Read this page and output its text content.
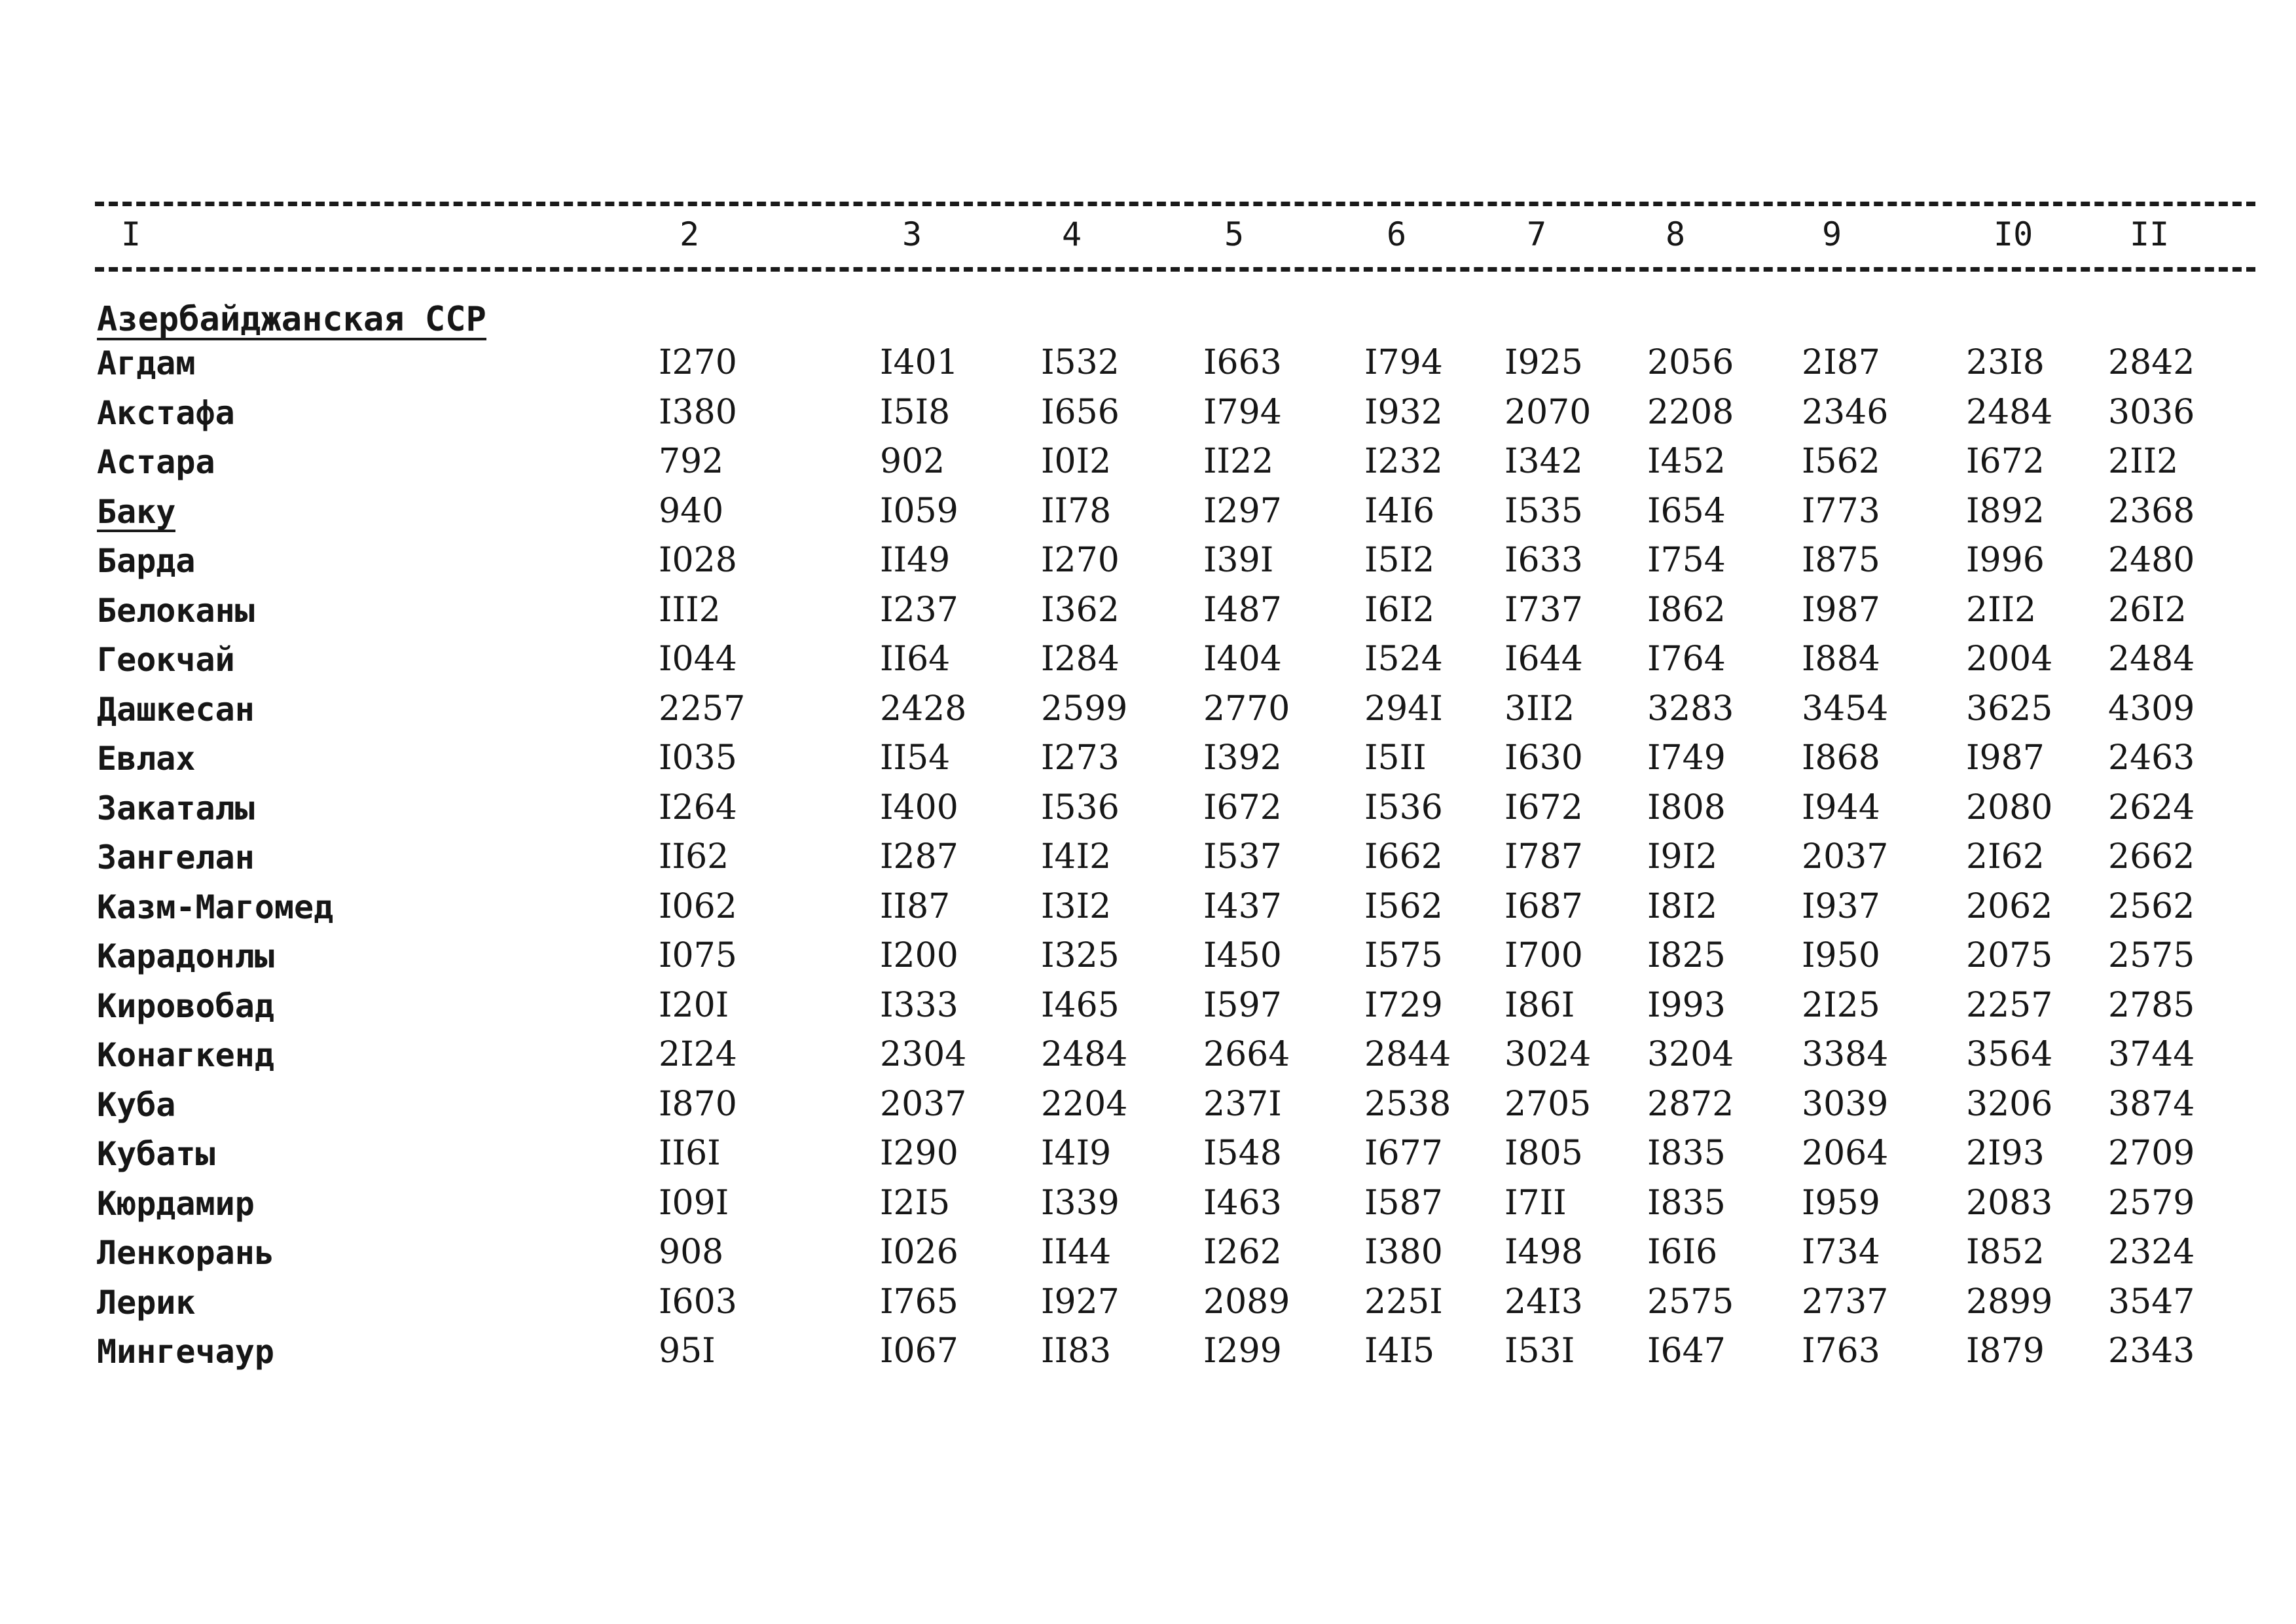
I	2	3	4	5	6	7	8	9	I0	II
Азербайджанская ССР
Агдам	I270	I401 I532 I663 I794 I925 2056 2I87	23I8 2842
Акстафа	I380	I5I8	I656 I794 I932 2070 2208 2346 2484 3036
Астара	792	902	I0I2	II22	I232 I342 I452 I562	I672 2II2
Баку	940	I059 II78	I297 I4I6 I535 I654 I773	I892 2368
Барда	I028	II49	I270 I39I	I5I2 I633 I754 I875	I996 2480
Белоканы	III2	I237 I362 I487 I6I2 I737 I862 I987	2II2 26I2
Геокчай	I044	II64	I284 I404 I524 I644 I764 I884	2004 2484
Дашкесан	2257	2428 2599 2770 294I 3II2 3283 3454 3625 4309
Евлах	I035	II54	I273 I392 I5II I630 I749 I868	I987 2463
Закаталы	I264	I400 I536 I672 I536 I672 I808 I944	2080 2624
Зангелан	II62	I287 I4I2	I537 I662 I787 I9I2 2037 2I62 2662
Казм-Магомед	I062	II87	I3I2	I437 I562 I687 I8I2 I937	2062 2562
Карадонлы	I075	I200 I325 I450 I575 I700 I825 I950	2075 2575
Кировобад	I20I	I333 I465 I597 I729 I86I I993 2I25	2257 2785
Конагкенд	2I24	2304 2484 2664 2844 3024 3204 3384 3564 3744
Куба	I870	2037 2204 237I 2538 2705 2872 3039 3206 3874
Кубаты	II6I	I290 I4I9	I548 I677 I805 I835 2064 2I93 2709
Кюрдамир	I09I	I2I5	I339 I463 I587 I7II I835 I959	2083 2579
Ленкорань	908	I026 II44	I262 I380 I498 I6I6 I734	I852 2324
Лерик	I603	I765 I927 2089 225I 24I3 2575 2737 2899 3547
Мингечаур	95I	I067 II83	I299 I4I5 I53I I647 I763	I879 2343
